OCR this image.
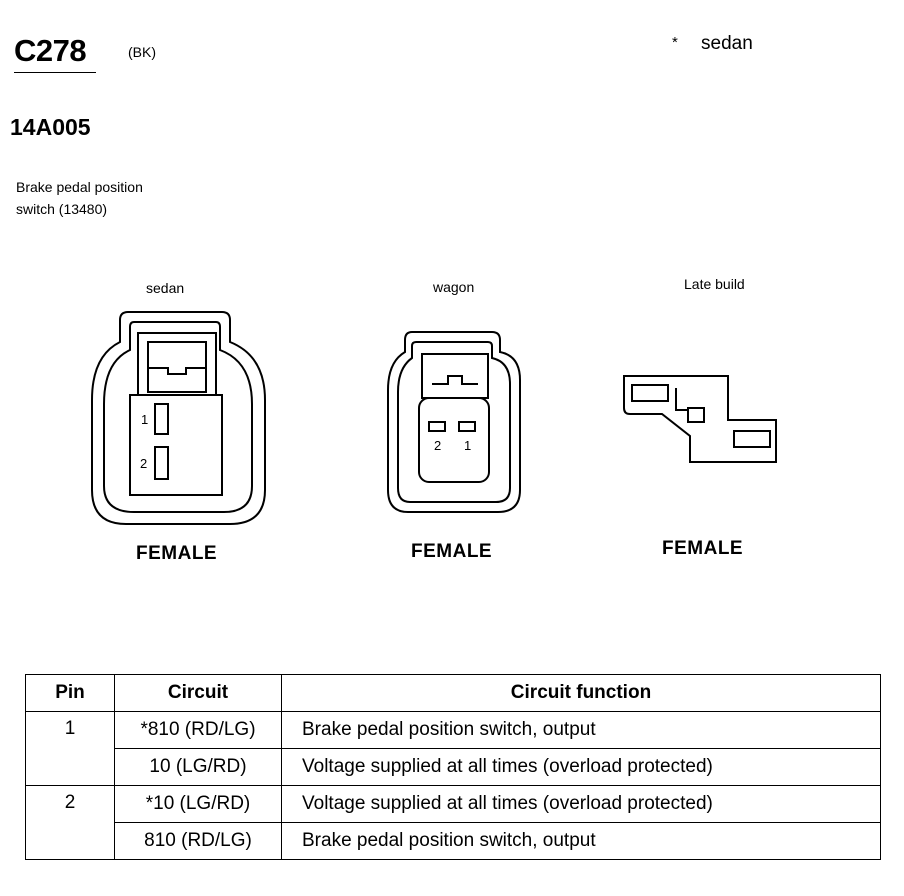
C278	(BK)
* sedan
14A005
Brake pedal position
switch (13480)
sedan	wagon	Late build
1
2
2 1
FEMALE	FEMALE	FEMALE
Pin	Circuit	Circuit function
1	*810 (RD/LG)	Brake pedal position switch, output
	10 (LG/RD)	Voltage supplied at all times (overload protected)
2	*10 (LG/RD)	Voltage supplied at all times (overload protected)
	810 (RD/LG)	Brake pedal position switch, output
